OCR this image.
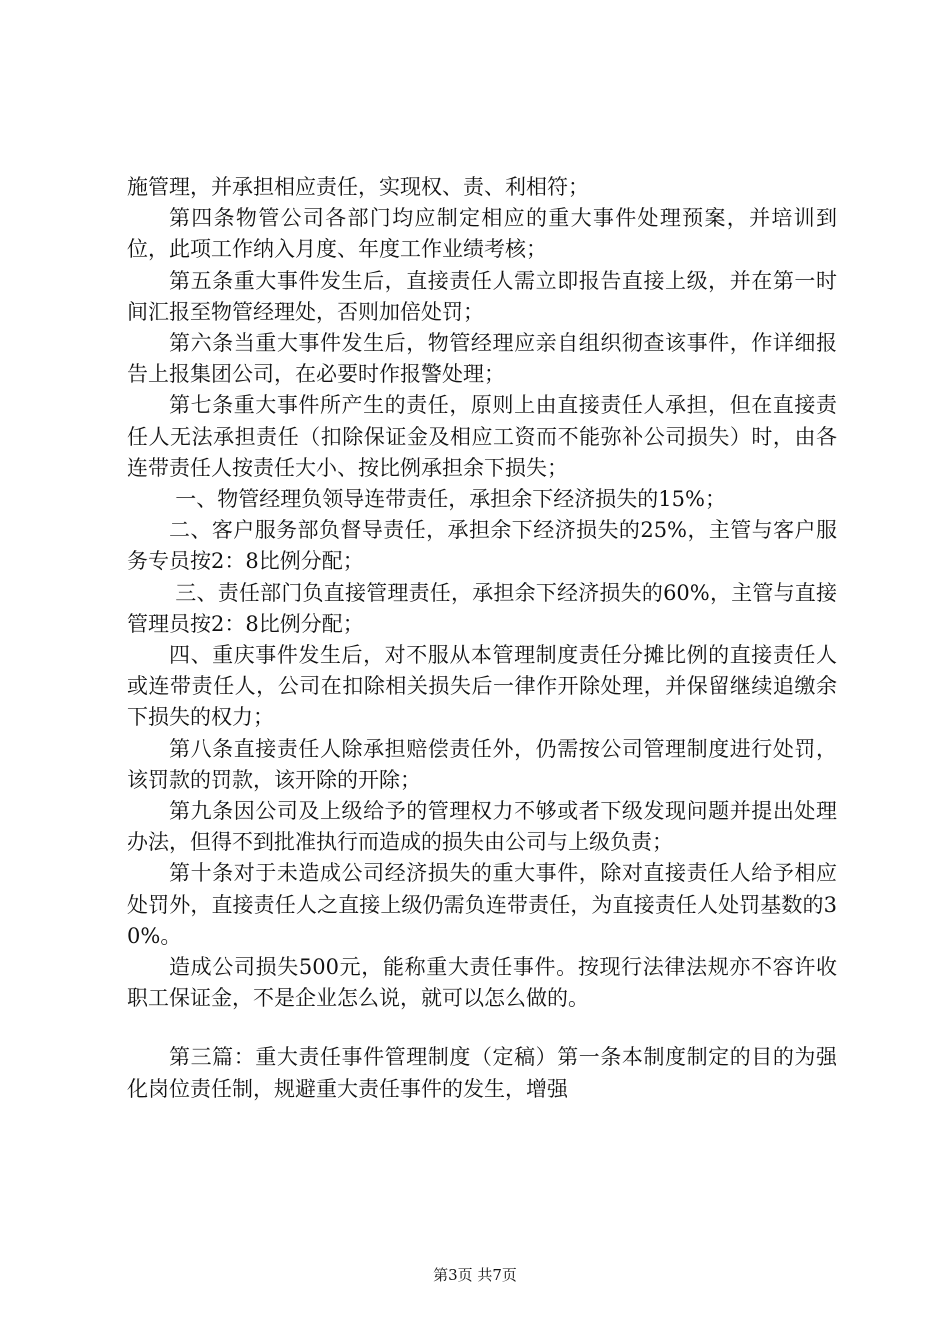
施管理，并承担相应责任，实现权、责、利相符；

第四条物管公司各部门均应制定相应的重大事件处理预案，并培训到位，此项工作纳入月度、年度工作业绩考核；

第五条重大事件发生后，直接责任人需立即报告直接上级，并在第一时间汇报至物管经理处，否则加倍处罚；

第六条当重大事件发生后，物管经理应亲自组织彻查该事件，作详细报告上报集团公司，在必要时作报警处理；

第七条重大事件所产生的责任，原则上由直接责任人承担，但在直接责任人无法承担责任（扣除保证金及相应工资而不能弥补公司损失）时，由各连带责任人按责任大小、按比例承担余下损失；

一、物管经理负领导连带责任，承担余下经济损失的15%；

二、客户服务部负督导责任，承担余下经济损失的25%，主管与客户服务专员按2：8比例分配；

三、责任部门负直接管理责任，承担余下经济损失的60%，主管与直接管理员按2：8比例分配；

四、重庆事件发生后，对不服从本管理制度责任分摊比例的直接责任人或连带责任人，公司在扣除相关损失后一律作开除处理，并保留继续追缴余下损失的权力；

第八条直接责任人除承担赔偿责任外，仍需按公司管理制度进行处罚，该罚款的罚款，该开除的开除；

第九条因公司及上级给予的管理权力不够或者下级发现问题并提出处理办法，但得不到批准执行而造成的损失由公司与上级负责；

第十条对于未造成公司经济损失的重大事件，除对直接责任人给予相应处罚外，直接责任人之直接上级仍需负连带责任，为直接责任人处罚基数的30%。

造成公司损失500元，能称重大责任事件。按现行法律法规亦不容许收职工保证金，不是企业怎么说，就可以怎么做的。

第三篇：重大责任事件管理制度（定稿）第一条本制度制定的目的为强化岗位责任制，规避重大责任事件的发生，增强

第3页 共7页
